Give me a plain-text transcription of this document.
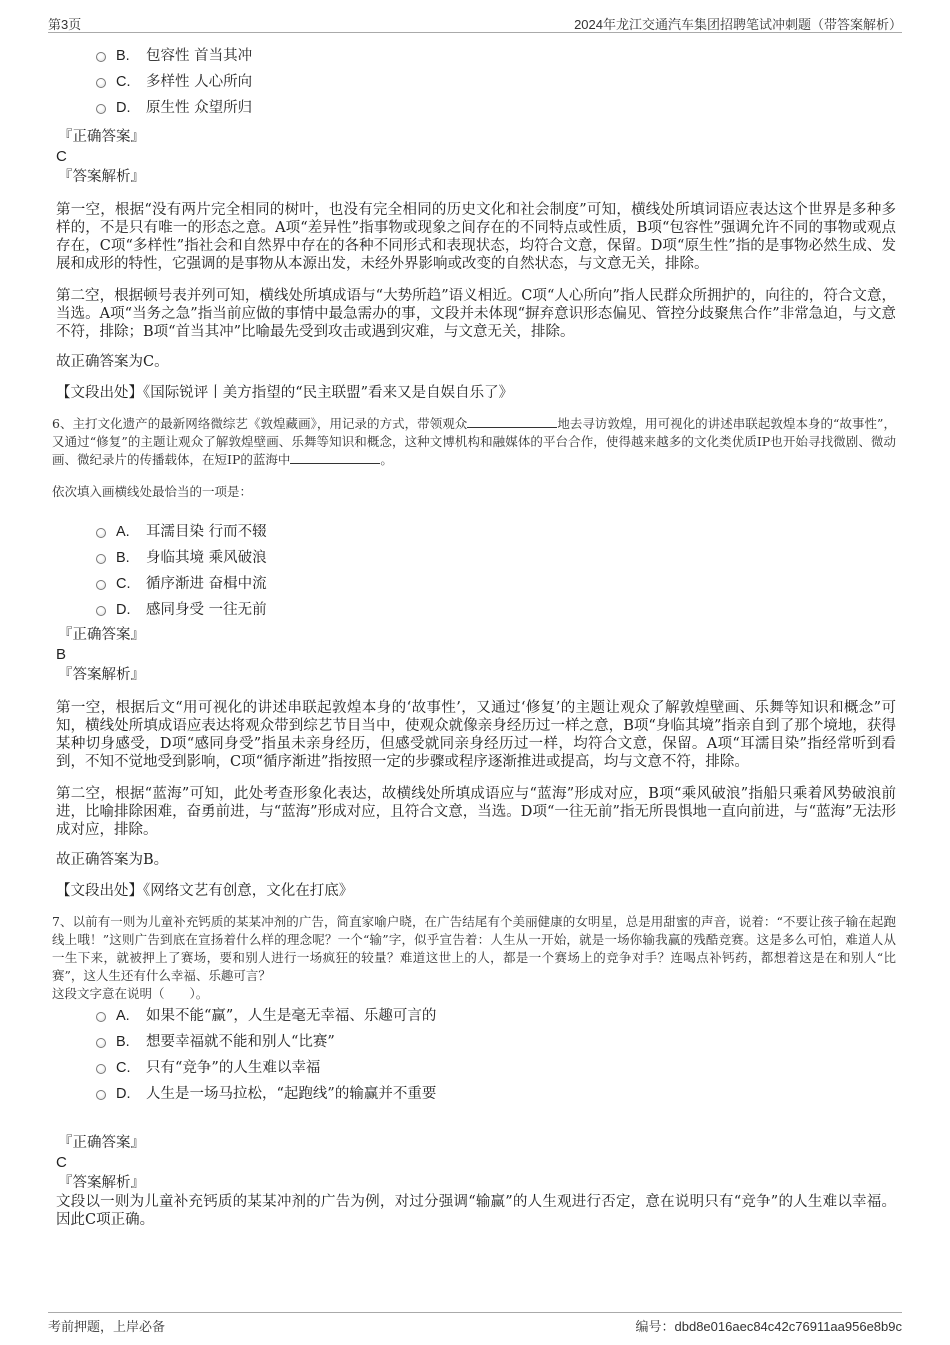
第3页	2024年龙江交通汽车集团招聘笔试冲刺题（带答案解析）
B.	包容性 首当其冲
C.	多样性 人心所向
D.	原生性 众望所归
『正确答案』
C
『答案解析』

第一空，根据“没有两片完全相同的树叶，也没有完全相同的历史文化和社会制度”可知，横线处所填词语应表达这个世界是多种多样的，不是只有唯一的形态之意。A项“差异性”指事物或现象之间存在的不同特点或性质，B项“包容性”强调允许不同的事物或观点存在，C项“多样性”指社会和自然界中存在的各种不同形式和表现状态，均符合文意，保留。D项“原生性”指的是事物必然生成、发展和成形的特性，它强调的是事物从本源出发，未经外界影响或改变的自然状态，与文意无关，排除。

第二空，根据顿号表并列可知，横线处所填成语与“大势所趋”语义相近。C项“人心所向”指人民群众所拥护的，向往的，符合文意，当选。A项“当务之急”指当前应做的事情中最急需办的事，文段并未体现“摒弃意识形态偏见、管控分歧聚焦合作”非常急迫，与文意不符，排除；B项“首当其冲”比喻最先受到攻击或遇到灾难，与文意无关，排除。

故正确答案为C。

【文段出处】《国际锐评丨美方指望的“民主联盟”看来又是自娱自乐了》

6、主打文化遗产的最新网络微综艺《敦煌藏画》，用记录的方式，带领观众	地去寻访敦煌，用可视化的讲述串联起敦煌本身的“故事性”，又通过“修复”的主题让观众了解敦煌壁画、乐舞等知识和概念，这种文博机构和融媒体的平台合作，使得越来越多的文化类优质IP也开始寻找微剧、微动画、微纪录片的传播载体，在短IP的蓝海中	。

依次填入画横线处最恰当的一项是：

A.	耳濡目染 行而不辍
B.	身临其境 乘风破浪
C.	循序渐进 奋楫中流
D.	感同身受 一往无前
『正确答案』
B
『答案解析』

第一空，根据后文“用可视化的讲述串联起敦煌本身的‘故事性’，又通过‘修复’的主题让观众了解敦煌壁画、乐舞等知识和概念”可知，横线处所填成语应表达将观众带到综艺节目当中，使观众就像亲身经历过一样之意，B项“身临其境”指亲自到了那个境地，获得某种切身感受，D项“感同身受”指虽未亲身经历，但感受就同亲身经历过一样，均符合文意，保留。A项“耳濡目染”指经常听到看到，不知不觉地受到影响，C项“循序渐进”指按照一定的步骤或程序逐渐推进或提高，均与文意不符，排除。

第二空，根据“蓝海”可知，此处考查形象化表达，故横线处所填成语应与“蓝海”形成对应，B项“乘风破浪”指船只乘着风势破浪前进，比喻排除困难，奋勇前进，与“蓝海”形成对应，且符合文意，当选。D项“一往无前”指无所畏惧地一直向前进，与“蓝海”无法形成对应，排除。

故正确答案为B。

【文段出处】《网络文艺有创意，文化在打底》

7、以前有一则为儿童补充钙质的某某冲剂的广告，简直家喻户晓，在广告结尾有个美丽健康的女明星，总是用甜蜜的声音，说着：“不要让孩子输在起跑线上哦！”这则广告到底在宣扬着什么样的理念呢？一个“输”字，似乎宣告着：人生从一开始，就是一场你输我赢的残酷竞赛。这是多么可怕，难道人从一生下来，就被押上了赛场，要和别人进行一场疯狂的较量？难道这世上的人，都是一个赛场上的竞争对手？连喝点补钙药，都想着这是在和别人“比赛”，这人生还有什么幸福、乐趣可言？

这段文字意在说明（　　）。

A.	如果不能“赢”，人生是毫无幸福、乐趣可言的
B.	想要幸福就不能和别人“比赛”
C.	只有“竞争”的人生难以幸福
D.	人生是一场马拉松，“起跑线”的输赢并不重要
『正确答案』
C
『答案解析』

文段以一则为儿童补充钙质的某某冲剂的广告为例，对过分强调“输赢”的人生观进行否定，意在说明只有“竞争”的人生难以幸福。因此C项正确。

考前押题，上岸必备	编号：dbd8e016aec84c42c76911aa956e8b9c
